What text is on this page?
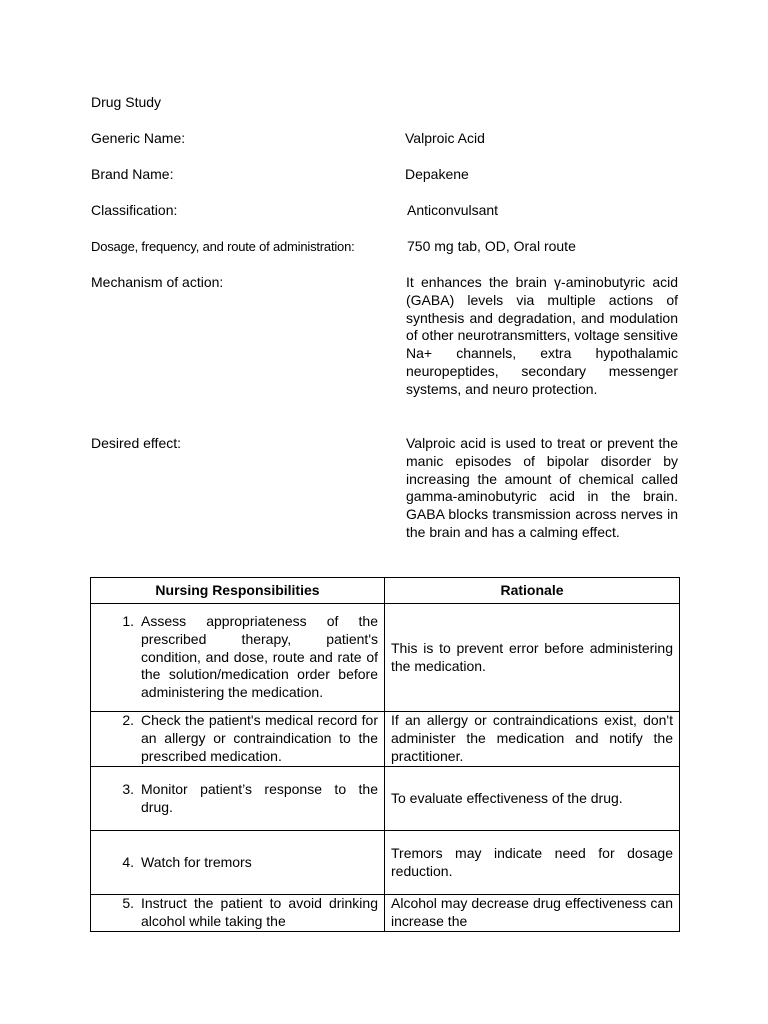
Drug Study
Generic Name:	Valproic Acid
Brand Name:	Depakene
Classification:	Anticonvulsant
Dosage, frequency, and route of administration:	750 mg tab, OD, Oral route
Mechanism of action:	It enhances the brain γ-aminobutyric acid (GABA) levels via multiple actions of synthesis and degradation, and modulation of other neurotransmitters, voltage sensitive Na+ channels, extra hypothalamic neuropeptides, secondary messenger systems, and neuro protection.
Desired effect:	Valproic acid is used to treat or prevent the manic episodes of bipolar disorder by increasing the amount of chemical called gamma-aminobutyric acid in the brain. GABA blocks transmission across nerves in the brain and has a calming effect.
Nursing Responsibilities	Rationale

1. Assess appropriateness of the prescribed therapy, patient's condition, and dose, route and rate of the solution/medication order before administering the medication.	This is to prevent error before administering the medication.

2. Check the patient's medical record for an allergy or contraindication to the prescribed medication.	If an allergy or contraindications exist, don't administer the medication and notify the practitioner.

3. Monitor patient’s response to the drug.	To evaluate effectiveness of the drug.

4. Watch for tremors	Tremors may indicate need for dosage reduction.

5. Instruct the patient to avoid drinking alcohol while taking the	Alcohol may decrease drug effectiveness can increase the
